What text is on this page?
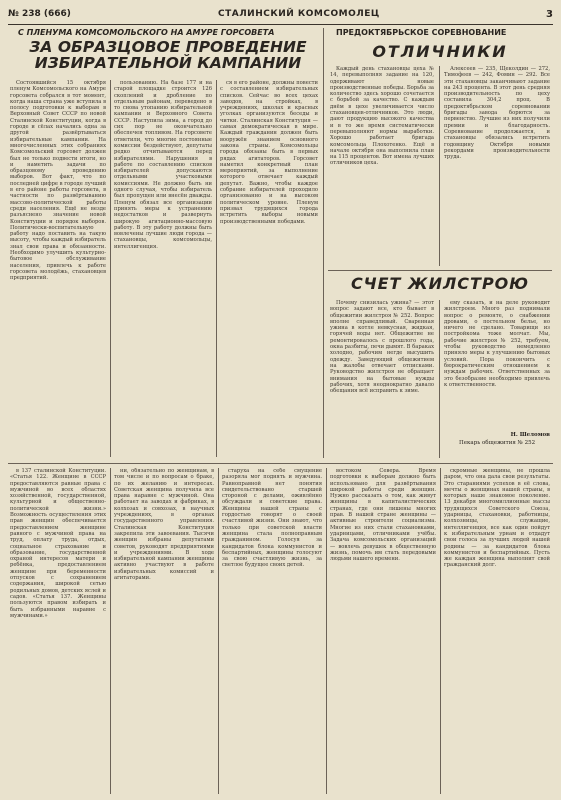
№ 238 (666)	СТАЛИНСКИЙ КОМСОМОЛЕЦ	3
С ПЛЕНУМА КОМСОМОЛЬСКОГО НА АМУРЕ ГОРСОВЕТА
ЗА ОБРАЗЦОВОЕ ПРОВЕДЕНИЕ ИЗБИРАТЕЛЬНОЙ КАМПАНИИ

Состоявшийся 15 октября пленум Комсомольского на Амуре горсовета собрался в тот момент, когда наша страна уже вступила в полосу подготовки к выборам в Верховный Совет СССР по новой Сталинской Конституции, когда в городе и сёлах начались одна за другой развёртываться избирательные кампании. На многочисленных этих собраниях Комсомольский горсовет должен был не только подвести итоги, но и наметить задачи по образцовому проведению выборов. Вот факт, что по последней цифре в городе лучший в его районе работы горсовета, в частности по развёртыванию массово-политической работы среди населения. Ещё не везде разъяснено значение новой Конституции и порядок выборов. Политически-воспитательную работу надо поставить на такую высоту, чтобы каждый избиратель знал свои права и обязанности. Необходимо улучшить культурно-бытовое обслуживание населения, привлечь к работе горсовета молодёжь, стахановцев предприятий.

пользованию. На базе 177 и на старой площадке строится 126 скоплений и дробление по отдельным районам, переведено в то снова утопанию избирательной кампании и Верховного Совета СССР. Наступила зима, а город до сих пор не окончательно обеспечен топливом. На горсовете отметили, что многие постоянные комиссии бездействуют, депутаты редко отчитываются перед избирателями. Нарушения в работе по составлению списков избирателей допускаются отдельными участковыми комиссиями. Не должно быть ни одного случая, чтобы избиратель был пропущен или внесён дважды. Пленум обязал все организации принять меры к устранению недостатков и развернуть широкую агитационно-массовую работу. В эту работу должны быть вовлечены лучшие люди города — стахановцы, комсомольцы, интеллигенция.

ся в его районе, должны повести с составлением избирательных списков. Сейчас во всех цехах заводов, на стройках, в учреждениях, школах и красных уголках организуются беседы и читки. Сталинская Конституция — самая демократическая в мире. Каждый гражданин должен быть вооружён знанием основного закона страны. Комсомольцы города обязаны быть в первых рядах агитаторов. Горсовет наметил конкретный план мероприятий, за выполнение которого отвечает каждый депутат. Важно, чтобы каждое собрание избирателей проходило организованно и на высоком политическом уровне. Пленум призвал трудящихся города встретить выборы новыми производственными победами.

ПРЕДОКТЯБРЬСКОЕ СОРЕВНОВАНИЕ
ОТЛИЧНИКИ

Каждый день стахановцы цеха № 14, перевыполняя задание на 120, одерживают новые производственные победы. Борьба за количество здесь хорошо сочетается с борьбой за качество. С каждым днём в цехе увеличивается число стахановцев-отличников. Это люди, дают продукцию высокого качества и в то же время систематически перевыполняют нормы выработки. Хорошо работает бригада комсомольца Плохотенко. Ещё в начале октября она выполнила план на 115 процентов. Вот имена лучших отличников цеха.

Алексеев — 235, Щеколдин — 272, Тимофеев — 242, Фомин — 292. Все эти стахановцы заканчивают задание на 243 процента. В этот день средняя производительность по цеху составила 304,2 проц. В предоктябрьском соревновании бригады завода борются за первенство. Лучшие из них получили премии и благодарность. Соревнование продолжается, и стахановцы обязались встретить годовщину Октября новыми рекордами производительности труда.

СЧЕТ ЖИЛСТРОЮ

Почему снизилась ужина? — этот вопрос задают все, кто бывает в общежитии жилстроя № 252. Вопрос вполне справедливый. Сваренная ужина в котле невкусная, жидкая, горячей воды нет. Общежитие не ремонтировалось с прошлого года, окна разбиты, печи дымят. В бараках холодно, рабочим негде высушить одежду. Заведующий общежитием на жалобы отвечает отписками. Руководство жилстроя не обращает внимания на бытовые нужды рабочих, хотя неоднократно давало обещания всё исправить к зиме.

ему сказать, и на деле руководит жилстроем. Много раз поднимали вопрос о ремонте, о снабжении дровами, о постельном белье, но ничего не сделано. Товарищи из постройкома тоже молчат. Мы, рабочие жилстроя № 252, требуем, чтобы руководство немедленно приняло меры к улучшению бытовых условий. Пора покончить с бюрократическим отношением к нуждам рабочих. Ответственных за это безобразие необходимо привлечь к ответственности.

Н. Шеломов
Пекарь общежития № 252

в 137 сталинской Конституции. «Статья 122. Женщине в СССР предоставляются равные права с мужчиной во всех областях хозяйственной, государственной, культурной и общественно-политической жизни.» Возможность осуществления этих прав женщин обеспечивается предоставлением женщине равного с мужчиной права на труд, оплату труда, отдых, социальное страхование и образование, государственной охраной интересов матери и ребёнка, предоставлением женщине при беременности отпусков с сохранением содержания, широкой сетью родильных домов, детских яслей и садов. «Статья 137. Женщины пользуются правом избирать и быть избранными наравне с мужчинами.»

ни, обязательно по женщинам, в том числе и по вопросам о браке, по их желанию и интересах. Советская женщина получила все права наравне с мужчиной. Она работает на заводах и фабриках, в колхозах и совхозах, в научных учреждениях, в органах государственного управления. Сталинская Конституция закрепила эти завоевания. Тысячи женщин избраны депутатами советов, руководят предприятиями и учреждениями. В ходе избирательной кампании женщины активно участвуют в работе избирательных комиссий и агитаторами.

старуха на себе смущение разоряла мог поднять и мужчина. Равноправной нет понятия свидетельствовано старшей стороной с делами, оживлённо обсуждали и советские права. Женщины нашей страны с гордостью говорят о своей счастливой жизни. Они знают, что только при советской власти женщина стала полноправным гражданином. Голосуя за кандидатов блока коммунистов и беспартийных, женщины голосуют за свою счастливую жизнь, за светлое будущее своих детей.

востоком Севера. Время подготовки к выборам должно быть использовано для развёртывания широкой работы среди женщин. Нужно рассказать о том, как живут женщины в капиталистических странах, где они лишены многих прав. В нашей стране женщины — активные строители социализма. Многие из них стали стахановками, ударницами, отличниками учёбы. Задача комсомольских организаций — вовлечь девушек в общественную жизнь, помочь им стать передовыми людьми нашего времени.

скромные женщины, не прошла даром, что она дала свои результаты. Это стараниями успехов в её слова, мечты о женщинах нашей страны, в которых наше знакомое поколение. 13 декабря многомиллионные массы трудящихся Советского Союза, ударницы, стахановки, работницы, колхозницы, служащие, интеллигенция, все как один пойдут к избирательным урнам и отдадут свои голоса за лучших людей нашей родины — за кандидатов блока коммунистов и беспартийных. Пусть же каждая женщина выполнит свой гражданский долг.
